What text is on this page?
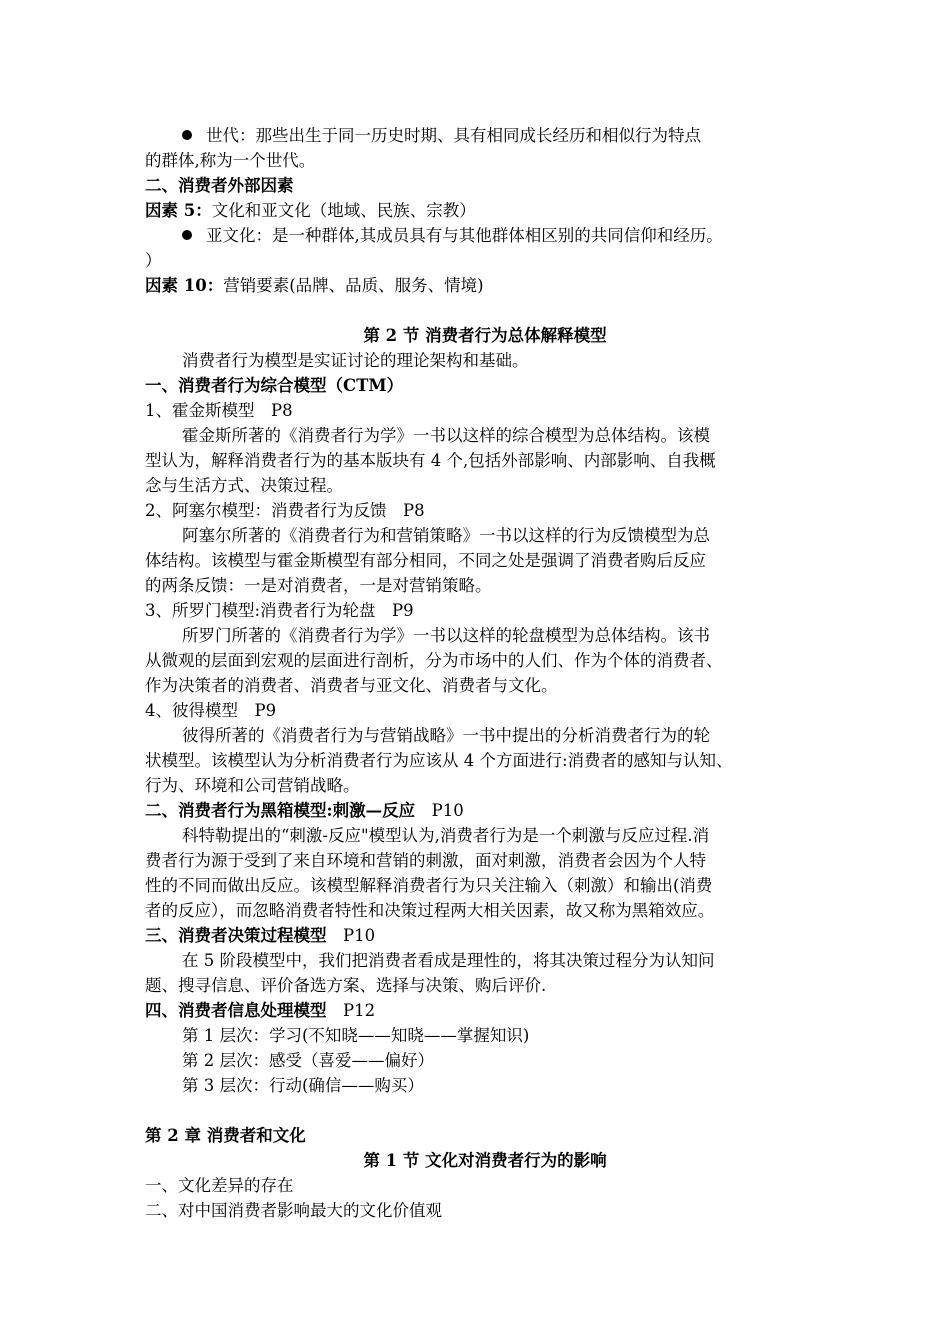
世代：那些出生于同一历史时期、具有相同成长经历和相似行为特点

的群体,称为一个世代。

二、消费者外部因素

因素 5：文化和亚文化（地域、民族、宗教）

亚文化：是一种群体,其成员具有与其他群体相区别的共同信仰和经历。

）

因素 10：营销要素(品牌、品质、服务、情境)

第 2 节 消费者行为总体解释模型

消费者行为模型是实证讨论的理论架构和基础。

一、消费者行为综合模型（CTM）

1、霍金斯模型　P8

霍金斯所著的《消费者行为学》一书以这样的综合模型为总体结构。该模

型认为，解释消费者行为的基本版块有 4 个,包括外部影响、内部影响、自我概

念与生活方式、决策过程。

2、阿塞尔模型：消费者行为反馈　P8

阿塞尔所著的《消费者行为和营销策略》一书以这样的行为反馈模型为总

体结构。该模型与霍金斯模型有部分相同，不同之处是强调了消费者购后反应

的两条反馈：一是对消费者，一是对营销策略。

3、所罗门模型:消费者行为轮盘　P9

所罗门所著的《消费者行为学》一书以这样的轮盘模型为总体结构。该书

从微观的层面到宏观的层面进行剖析，分为市场中的人们、作为个体的消费者、

作为决策者的消费者、消费者与亚文化、消费者与文化。

4、彼得模型　P9

彼得所著的《消费者行为与营销战略》一书中提出的分析消费者行为的轮

状模型。该模型认为分析消费者行为应该从 4 个方面进行:消费者的感知与认知、

行为、环境和公司营销战略。

二、消费者行为黑箱模型:刺激—反应　P10

科特勒提出的“刺激-反应"模型认为,消费者行为是一个刺激与反应过程.消

费者行为源于受到了来自环境和营销的刺激，面对刺激，消费者会因为个人特

性的不同而做出反应。该模型解释消费者行为只关注输入（刺激）和输出(消费

者的反应），而忽略消费者特性和决策过程两大相关因素，故又称为黑箱效应。

三、消费者决策过程模型　P10

在 5 阶段模型中，我们把消费者看成是理性的，将其决策过程分为认知问

题、搜寻信息、评价备选方案、选择与决策、购后评价.

四、消费者信息处理模型　P12

第 1 层次：学习(不知晓——知晓——掌握知识)

第 2 层次：感受（喜爱——偏好）

第 3 层次：行动(确信——购买）

第 2 章 消费者和文化

第 1 节 文化对消费者行为的影响

一、文化差异的存在

二、对中国消费者影响最大的文化价值观
